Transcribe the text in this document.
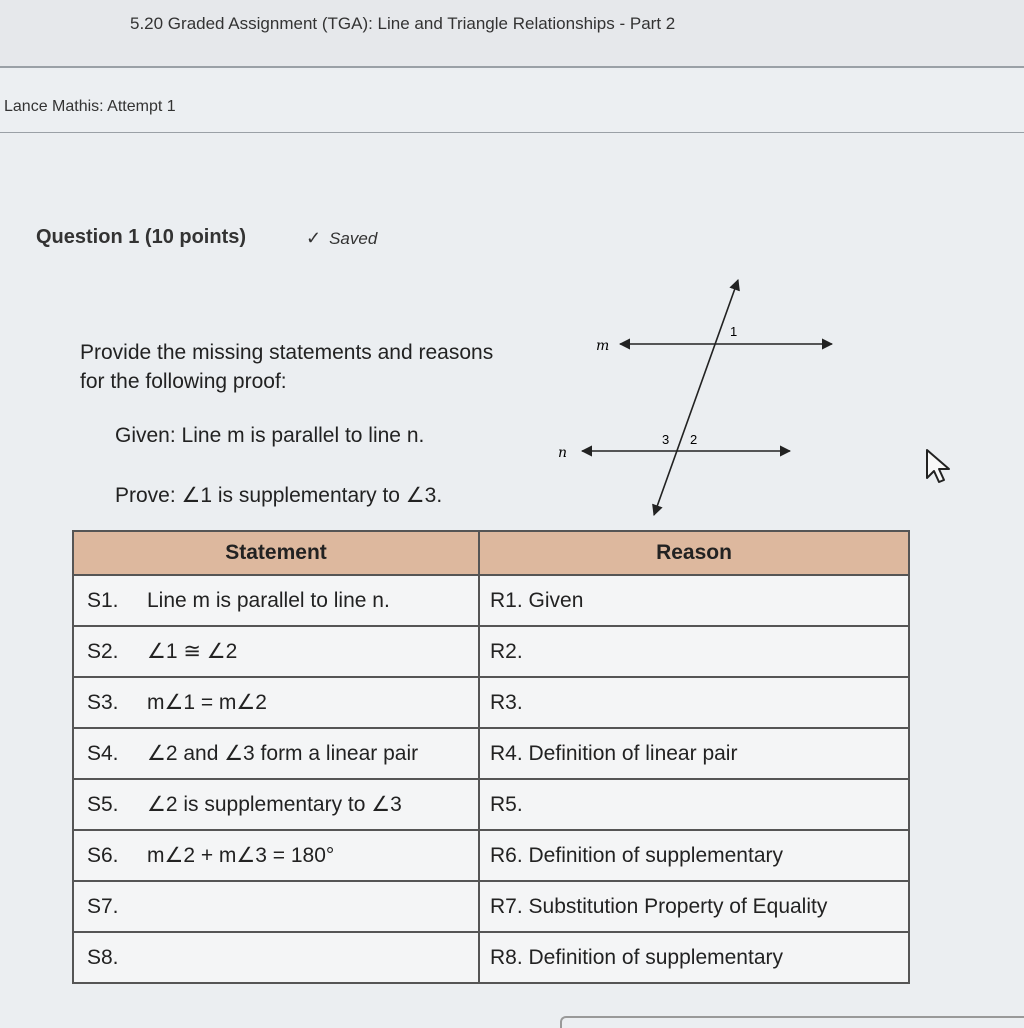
5.20 Graded Assignment (TGA): Line and Triangle Relationships - Part 2
Lance Mathis: Attempt 1
Question 1 (10 points)	✓ Saved
Provide the missing statements and reasons for the following proof:
Given: Line m is parallel to line n.
Prove: ∠1 is supplementary to ∠3.
m
n
1
3 2
Statement	Reason
S1. Line m is parallel to line n.	R1. Given
S2. ∠1 ≅ ∠2	R2.
S3. m∠1 = m∠2	R3.
S4. ∠2 and ∠3 form a linear pair	R4. Definition of linear pair
S5. ∠2 is supplementary to ∠3	R5.
S6. m∠2 + m∠3 = 180°	R6. Definition of supplementary
S7.	R7. Substitution Property of Equality
S8.	R8. Definition of supplementary
